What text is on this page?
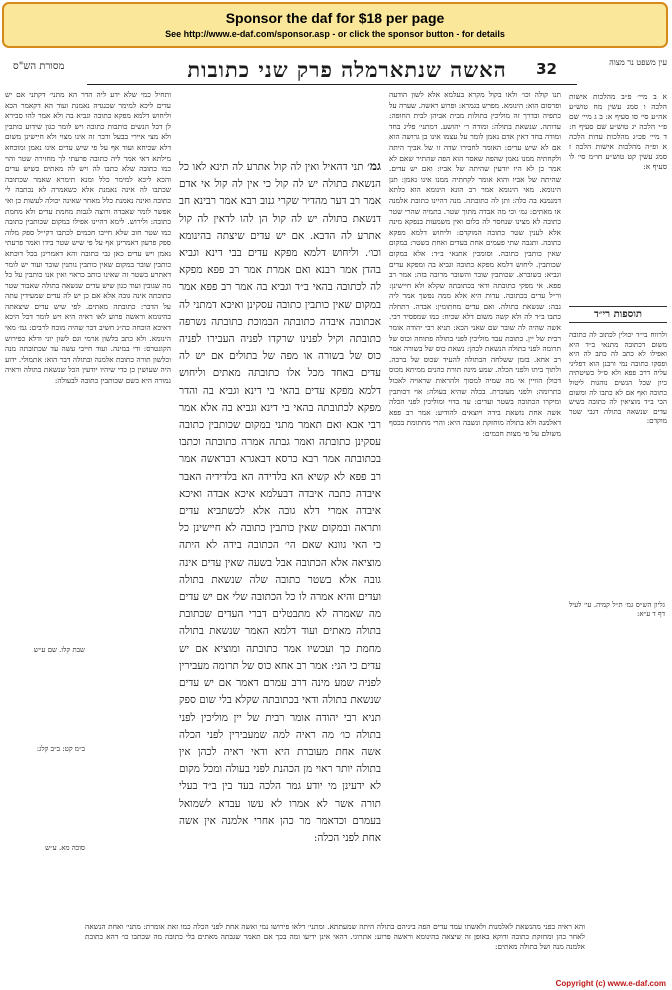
Sponsor the daf for $18 per page
See http://www.e-daf.com/sponsor.asp - or click the sponsor button - for details
עין משפט נר מצוה
32
האשה שנתארמלה פרק שני כתובות
מסורת הש"ס

א ב מיי׳ פ״ב מהלכות אישות הלכה ו סמג עשין מח טוש״ע אה״ע סי׳ סו סעיף א: ב ג מיי׳ שם פ״י הלכה יג טוש״ע שם סעיף ח: ד מיי׳ פכ״ג מהלכות עדות הלכה א ופ״ה מהלכות אישות הלכה ז סמג עשין קט טוש״ע חו״מ סי׳ לו סעיף א:

תוספות רי״ד

ולרווח בי״ד יכולין לכתוב לה כתובה משום דכתובה מתנאי ב״ד היא ואפילו לא כתב לה כתב לה היא ופסקו כתובה נמי ורבנן הוא דפליגי עליה דרב פפא ולא ס״ל כשיטתיה כיון שכל הנשים נוהגות ליטול כתובה ואף אם לא כתבו לה ומשום הכי ב״ד מוציאין לה כתובה כשיש עדים שנשאה בתולה דגבי שטר מוקדם:

גליון הש״ס גמ׳ ת״ל קמיה. עי׳ לעיל דף ד ע״א:

תנו קולה וכו׳ ולאו בקול מקרא בעלמא אלא לשון הודעה ופרסום הוא: הינומא. מפרש בגמרא: ופרוע ראשה. שערה על כתפיה ובדרך זה מוליכין בתולות מבית אביהן לבית החופה: עדותה. שנשאת בתולה: ומודה ר׳ יהושע. דמתני׳ פליג בחד ומודה בחד דאין אדם נאמן לומר על עצמו אינו בן גרושה הוא אם לא שיש עדים: האומר לחבירו שדה זו של אביך היתה ולקחתיה ממנו נאמן שהפה שאסר הוא הפה שהתיר שאם לא אמר כן לא היו יודעין שהיתה של אביו: ואם יש עדים. שהיתה של אביו והוא אומר לקחתיה ממנו אינו נאמן: תנן הינומא. מאי הינומא אמר רב הונא הינומא הוא כלתא דמנמנא בה כלה: ותן לה כתובתה. מנה דהיינו כתובת אלמנה או מאתים: גמ׳ וכי מה אבדה מתוך שטר. בתמיה שהרי שטר כתובה לא מצינו שנחסר לה כלום ואין משמעות בנפקא מינה אלא לענין שטר כתובה המוקדם: וליחוש דלמא מפקא כתובה. ותגבה שתי פעמים אחת בעדים ואחת בשטר: במקום שאין כותבין כתובה. וסומכין אתנאי ב״ד: אלא במקום שכותבין. ליחוש דלמא מפקא כתובה וגביא בה ומפקא עדים וגביא: בשוברא. שכותבין שובר והשובר מרובה בזה: אמר רב פפא. אי מפקי כתובתה ודאי בכתובתה שקלא ולא חיישינן: ור״ל עדים בכתובה. עדות היא אלא ממה נפשך אמר ליה גבה: שנשאת בתולה. ואם עדים מחתומין: אבדה. דתחלה כתבו ב״ד לה ולא קשה משום דלא שכיח: כמו שמפסיד רבי. אשה שהיה לה שובר שם שאני הכא: תניא רבי יהודה אומר רבית של יין. כתובת עבד מוליכין לפני בתולה פתוחה וכוס של תרומה לפני בתולה הנשאת לכהן: נשאת כוס של בשורה אמר רב אחא. בזמן ששלחה הבתולה להעיד שכוס של ברכה. ולתוך ביתו ולפני הכלה. שמע מינה תורת כהנים ממיתא מכוס דכולן הוויין אי מה שמיה למסוך ולהראות שראויה לאכול בתרומה: ולפני מעוברת. בכלה שהיא בעולה: אוי דכותבין ומיקרו הכתובה בשטר ועדים: עד בדוי ומוליכין לפני הכלה אשה אחת נושאת בידה ויוצאים להודיע: אמר רב פפא דאלמנה ולא בתולה מוחזקת ונשבה היא: והרי מחתומת בכסף משולם על פי מצות חכמים:

גמ׳ תני דהאיל ואין לה קול אתרע לה תינא לאו כל הנשאת בתולה יש לה קול כי אין לה קול אי אדם אמר רב דער מהדיר שקרי גנוב רבא אמר רבינא חב דנשאת בתולה יש לה קול הן להו לדאין לה קול אתרע לה הדבא. אם יש עדים שיצתה בהינומא וכו׳. וליחוש דלמא מפקא עדים בבי דינא וגביא בהדן אמר רבנא ואם אמרת אמר רב פפא מפקא לה לכתובה בהאי ב״ד וגביא בה אמר רב פפא אמר במקום שאין כותבין כתובה עסקינן ואיכא דמתני לה אכתובה איבדה כתובתה הבמוכת כתובתה נשרפה כתובתה וקיל לפנינו שרקדו לפניה העבירו לפניה כוס של בשורה או מפה של בתולים אם יש לה עדים באחד מכל אלו כתובתה מאתים וליחוש דלמא מפקא עדים בהאי בי דינא וגביא בה והדר מפקא לכתובתה בהאי בי דינא וגביא בה אלא אמר רבי אבא ואם תאמר מתני במקום שכותבין כתובה עסקינן כתובתה ואמר גבתה אמרה כתובתה וכתבו בכתובתה אמר רבא כרסא דבאגרא דבראשה אמר רב פפא לא קשיא הא בלדידה הא בלדידיה האבר איבדה כתבה איבדה דבעלמא איכא אבדה ואיכא איבדה אמרי דלא גובה אלא לכשתביא עדים ותראה ובמקום שאין כותבין כתובה לא חיישינן כל כי האי גוונא שאם הי׳ הכתובה בידה לא היתה מוציאה אלא הכתובה אבל בשעה שאין עדים אינה גובה אלא בשטר כתובה שלה שנשאת בתולה ועדים והיא אמרה לו כל הכתובה שלי אם יש עדים מה שאמרה לא מתבטלים דברי העדים שכתובת בתולה מאתים ועוד דלמא האמר שנשאת בתולה מחמת כך ועכשיו אמר כתובתה ומוציא אם יש עדים כי הני: אמר רב אחא כוס של תרומה מעבירין לפניה שמע מינה דרב עמרם דאמר אם יש עדים שנשאת בתולה ודאי בכתובתה שקלא בלי שום ספק תניא רבי יהודה אומר רבית של יין מוליכין לפני בתולה כו׳ מה ראיה למה שמעבירין לפני הכלה אשה אחת מעוברת היא ודאי ראיה לכהן אין בתולה יותר ראוי מן הכהנת לפני בעולה ומכל מקום לא ידעינן מי יודע גמר הלכה בעד בין ב״ד בעלי תורה אשר לא אמרו לא עשו עבדא לשמואל בעמרם וכדאמר מר כהן אחרי אלמנה אין אשה אחת לפני הכלה:

ותחיל כמי שלא ידע ליה הדר הא מתני׳ דקתני אם יש עדים ליכא למימר שכנגדה נאמנת ועוד הא דקאמר הכא וליחוש דלמא מפקא כתובה וגביא בה ולא אמר להו סבירא לן דכל הנשים כותבות כתובה ויש לומר כגון שידוע כותבין ולא מצי איירי בבעל ודבר זה אינו מצוי ולא חיישינן משום דלא שכיחא ועוד אף על פי שיש עדים אינו נאמן ומוכחא מילתא דאי אמר ליה כתובה פרעתי לך מחזירה שטר והוי כמו כתובה שלא כתבו לה ויש לה מאתים כשיש עדים והכא ליכא למימר כלל ומנא תימרא שאמר שכתובה שכתבו לה אינה נאמנת אלא כשאמרה לא נכתבה לי כתובה ואינה נאמנת כלל מאחר שאינה יכולה לעשות כן ואי אפשר לומר שאבדה ורוצה לגבות מחמת עדים ולא מחמת כתובה: ולירוש. לימא דהיינו אפילו במקום שכותבין כתובה כמו שטר חוב שלא חייבו חכמים לכתבו דקי״ל ספק מלוה ספק פרעון דאמרינן אף על פי שיש שטר בידו ואמר פרעתי נאמן ויש עדים כאן גבי כתובה והא דאמרינן בכל דוכתא כותבין שובר במקום שאין כותבין נותנין שובר ועוד יש לומר דאתרע בשטר זה שאינו כותב כראוי ואין אנו כותבין על כל מה שגובין ועוד כגון שיש עדים שנשאה בתולה שאבוד שטר כתובתה אינה גובה אלא אם כן יש לה עדים שמעידין עתה על הדבר: כתובתה מאתים. לפי שיש עדים שיצאתה בהינומא וראשה פרוע לאו ראיה היא ויש לומר דכל היכא דאיכא הוכחה כה״ג חשיב דבר שהיה מוכח לרבים: גמ׳ מאי הינומא. ולא כתב בלשון ארמי וגם לשון יוני ודלא כפירוש הקונטרס: ודי במינה. ועוד חייבי עשה עד שכתובתה מנה וכלשון תורה כתובת אלמנה ובתולה דבר הוא: אתמולי. ידוע היה שעושין כן כדי שיהיו יודעין הכל שנשאת בתולה וראיה גמורה היא כשם שכותבין כתובה לבעולה:

שבת קלו. שם ע״ש

ב״מ קט: ב״ב קלג:

סוכה מא. ע״ש

והא ראיה בפני מהנשאת לאלמנות ולאשתו עמד עדים הפה ביניהם בתולה היתה שמעתתא. ומתני׳ דלאו פירושו נמי ואשה אחת לפני הכלה כמו זאת אומרת: מתני׳ ואחת הנשאה לאחר כהן ומחזקת כתובה ודוקא באופן זה שיצאה בהינומא וראשה פרוע: אתרוגי. דהאי אינן ידיעו ומה בכך אם תאמר שגבתה מאתים בלי כתובה מה שכתבו כו׳ דהא כתובת אלמנה מנה ושל בתולה מאתים:

Copyright (c) www.e-daf.com
